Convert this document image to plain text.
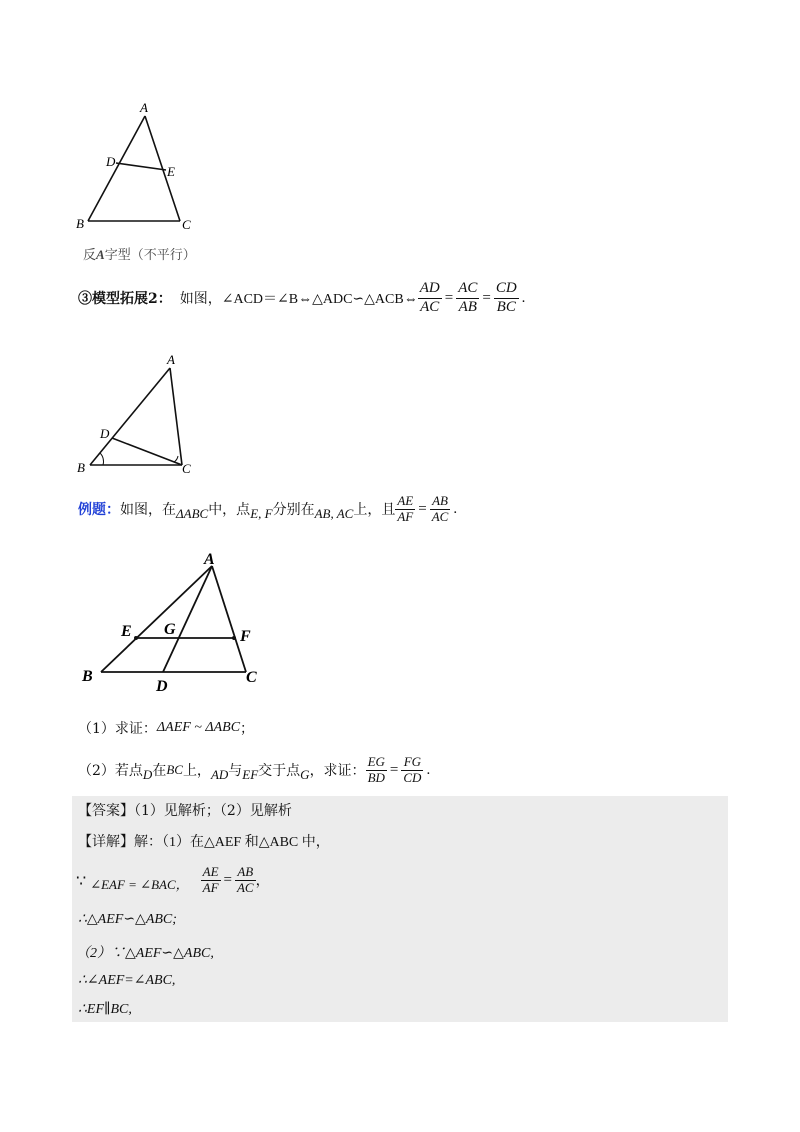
A
D
E
B	C
反A字型（不平行）
③模型拓展2： 如图，∠ACD＝∠B⇔△ADC∽△ACB⇔ $\frac{AD}{AC} = \frac{AC}{AB} = \frac{CD}{BC}$ .
A
D
B	C
例题： 如图，在 ΔABC 中，点 E, F 分别在 AB, AC 上，且 $\frac{AE}{AF} = \frac{AB}{AC}$ .
A
E G	F
B
D
C
（1）求证： ΔAEF ~ ΔABC ；
（2）若点 D 在 BC 上， AD 与 EF 交于点 G ，求证： $\frac{EG}{BD} = \frac{FG}{CD}$ .
【答案】（1）见解析；（2）见解析
【详解】解：（1）在△AEF 和△ABC 中，
∵ ∠EAF = ∠BAC， $\frac{AE}{AF} = \frac{AB}{AC}$ ，
∴△AEF∽△ABC;
（2）∵△AEF∽△ABC,
∴∠AEF=∠ABC,
∴EF∥BC,
